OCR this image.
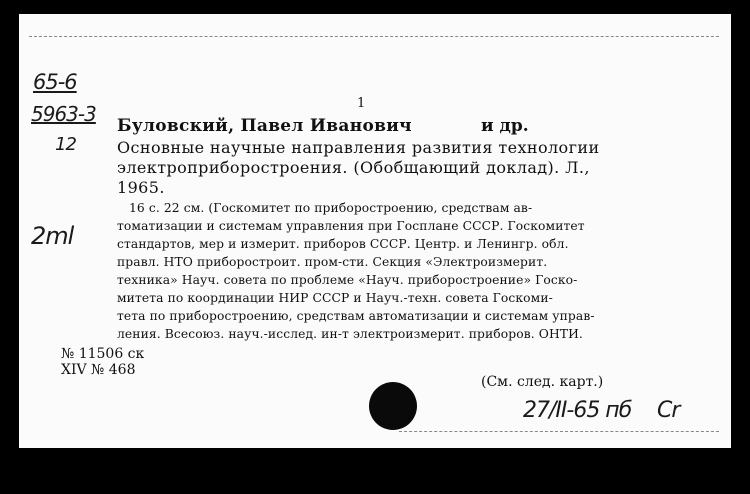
65-6
5963-3
12
2ml
1
Буловский, Павел Иванович	и др.
Основные научные направления развития технологии
электроприборостроения. (Обобщающий доклад). Л.,
1965.
16 с. 22 см. (Госкомитет по приборостроению, средствам ав-
томатизации и системам управления при Госплане СССР. Госкомитет
стандартов, мер и измерит. приборов СССР. Центр. и Ленингр. обл.
правл. НТО приборостроит. пром-сти. Секция «Электроизмерит.
техника» Науч. совета по проблеме «Науч. приборостроение» Госко-
митета по координации НИР СССР и Науч.-техн. совета Госкоми-
тета по приборостроению, средствам автоматизации и системам управ-
ления. Всесоюз. науч.-исслед. ин-т электроизмерит. приборов. ОНТИ.
№ 11506 ск
XIV № 468
(См. след. карт.)
27/II-65 пб Cr
